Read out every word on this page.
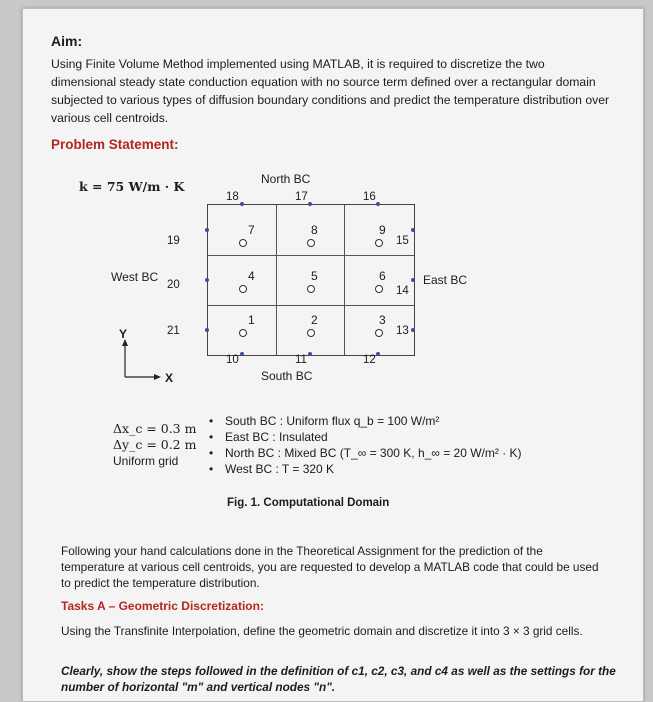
Aim:
Using Finite Volume Method implemented using MATLAB, it is required to discretize the two dimensional steady state conduction equation with no source term defined over a rectangular domain subjected to various types of diffusion boundary conditions and predict the temperature distribution over various cell centroids.
Problem Statement:
k = 75 W/m · K	North BC
South BC
West BC	East BC
7	8	9
4	5	6
1	2	3
18	17	16
10	11	12
19
20
21
15
14
13
Y
X
Δx_c = 0.3 m
Δy_c = 0.2 m
Uniform grid
• South BC : Uniform flux q_b = 100 W/m²
• East BC : Insulated
• North BC : Mixed BC (T_∞ = 300 K, h_∞ = 20 W/m² · K)
• West BC : T = 320 K
Fig. 1. Computational Domain
Following your hand calculations done in the Theoretical Assignment for the prediction of the temperature at various cell centroids, you are requested to develop a MATLAB code that could be used to predict the temperature distribution.
Tasks A – Geometric Discretization:
Using the Transfinite Interpolation, define the geometric domain and discretize it into 3 × 3 grid cells.
Clearly, show the steps followed in the definition of c1, c2, c3, and c4 as well as the settings for the number of horizontal "m" and vertical nodes "n".
